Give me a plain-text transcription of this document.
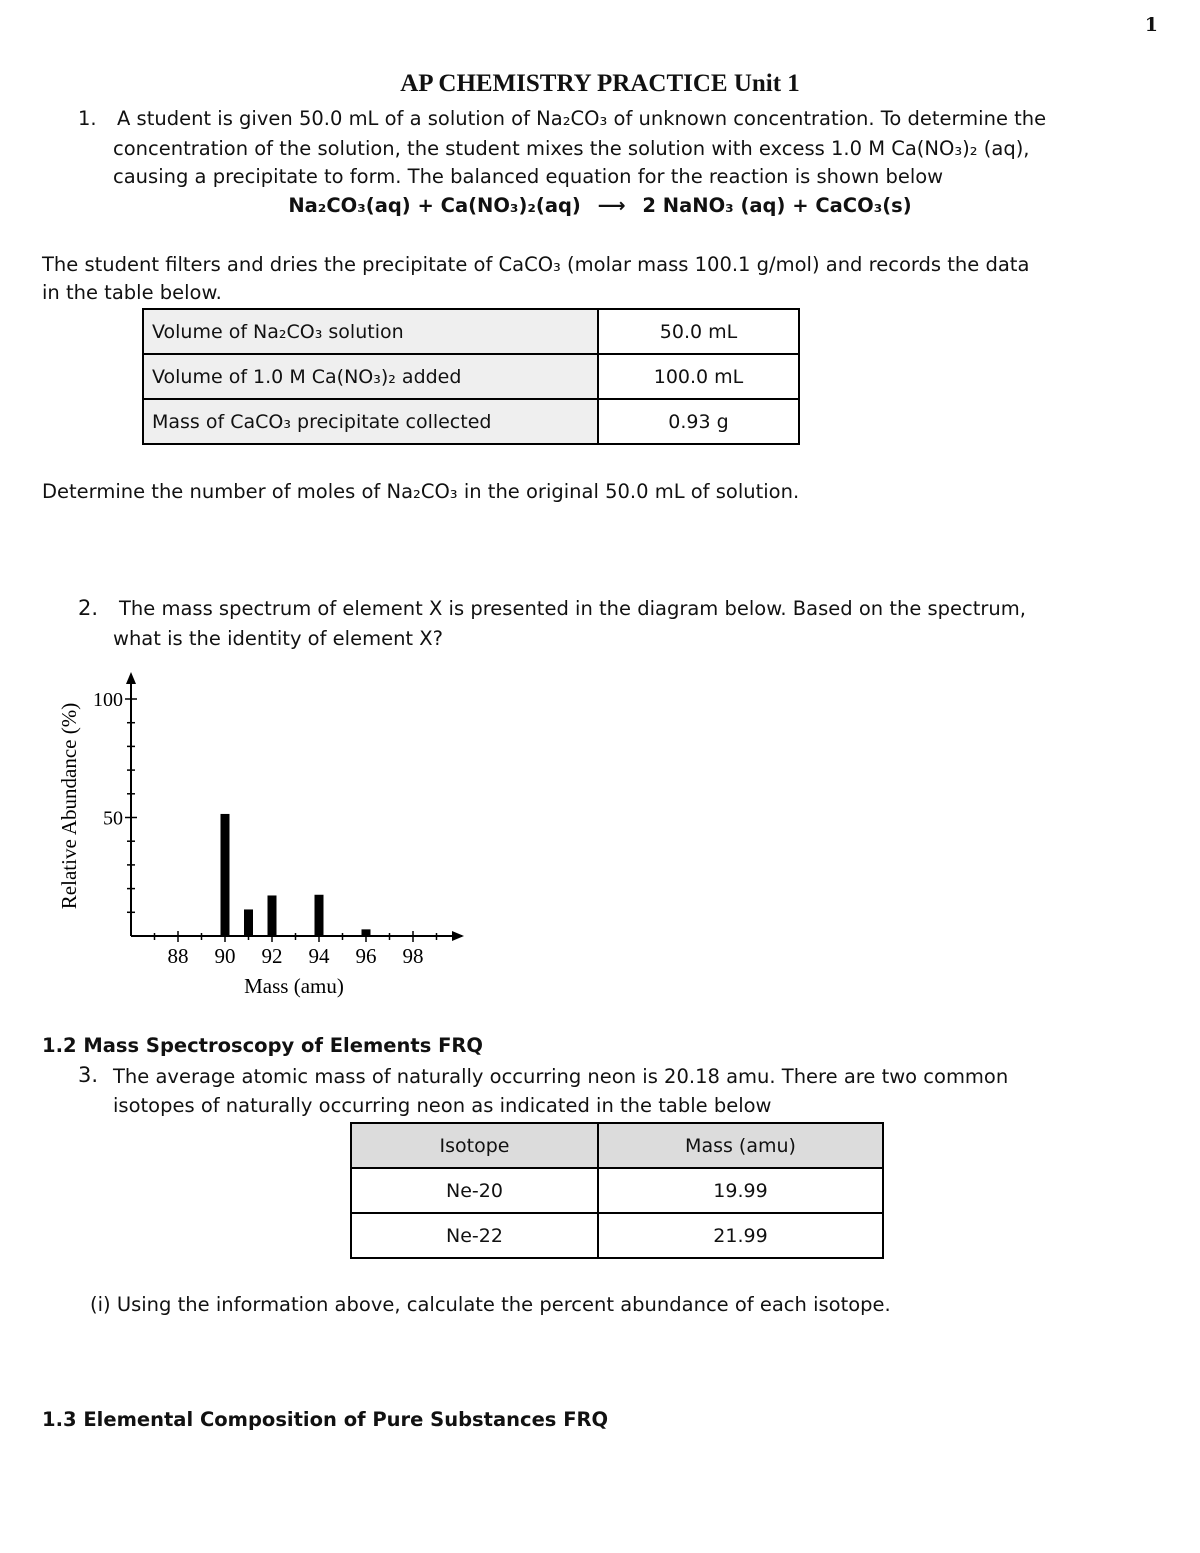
1
AP CHEMISTRY PRACTICE Unit 1
1. A student is given 50.0 mL of a solution of Na₂CO₃ of unknown concentration. To determine the
concentration of the solution, the student mixes the solution with excess 1.0 M Ca(NO₃)₂ (aq),
causing a precipitate to form. The balanced equation for the reaction is shown below
Na₂CO₃(aq) + Ca(NO₃)₂(aq) ⟶ 2 NaNO₃ (aq) + CaCO₃(s)
The student filters and dries the precipitate of CaCO₃ (molar mass 100.1 g/mol) and records the data
in the table below.
Volume of Na₂CO₃ solution	50.0 mL
Volume of 1.0 M Ca(NO₃)₂ added	100.0 mL
Mass of CaCO₃ precipitate collected	0.93 g
Determine the number of moles of Na₂CO₃ in the original 50.0 mL of solution.
2. The mass spectrum of element X is presented in the diagram below. Based on the spectrum,
what is the identity of element X?
88 90 92 94 96 98
50
100
Mass (amu)
Relative Abundance (%)
1.2 Mass Spectroscopy of Elements FRQ
3. The average atomic mass of naturally occurring neon is 20.18 amu. There are two common
isotopes of naturally occurring neon as indicated in the table below
Isotope	Mass (amu)
Ne-20	19.99
Ne-22	21.99
(i) Using the information above, calculate the percent abundance of each isotope.
1.3 Elemental Composition of Pure Substances FRQ
